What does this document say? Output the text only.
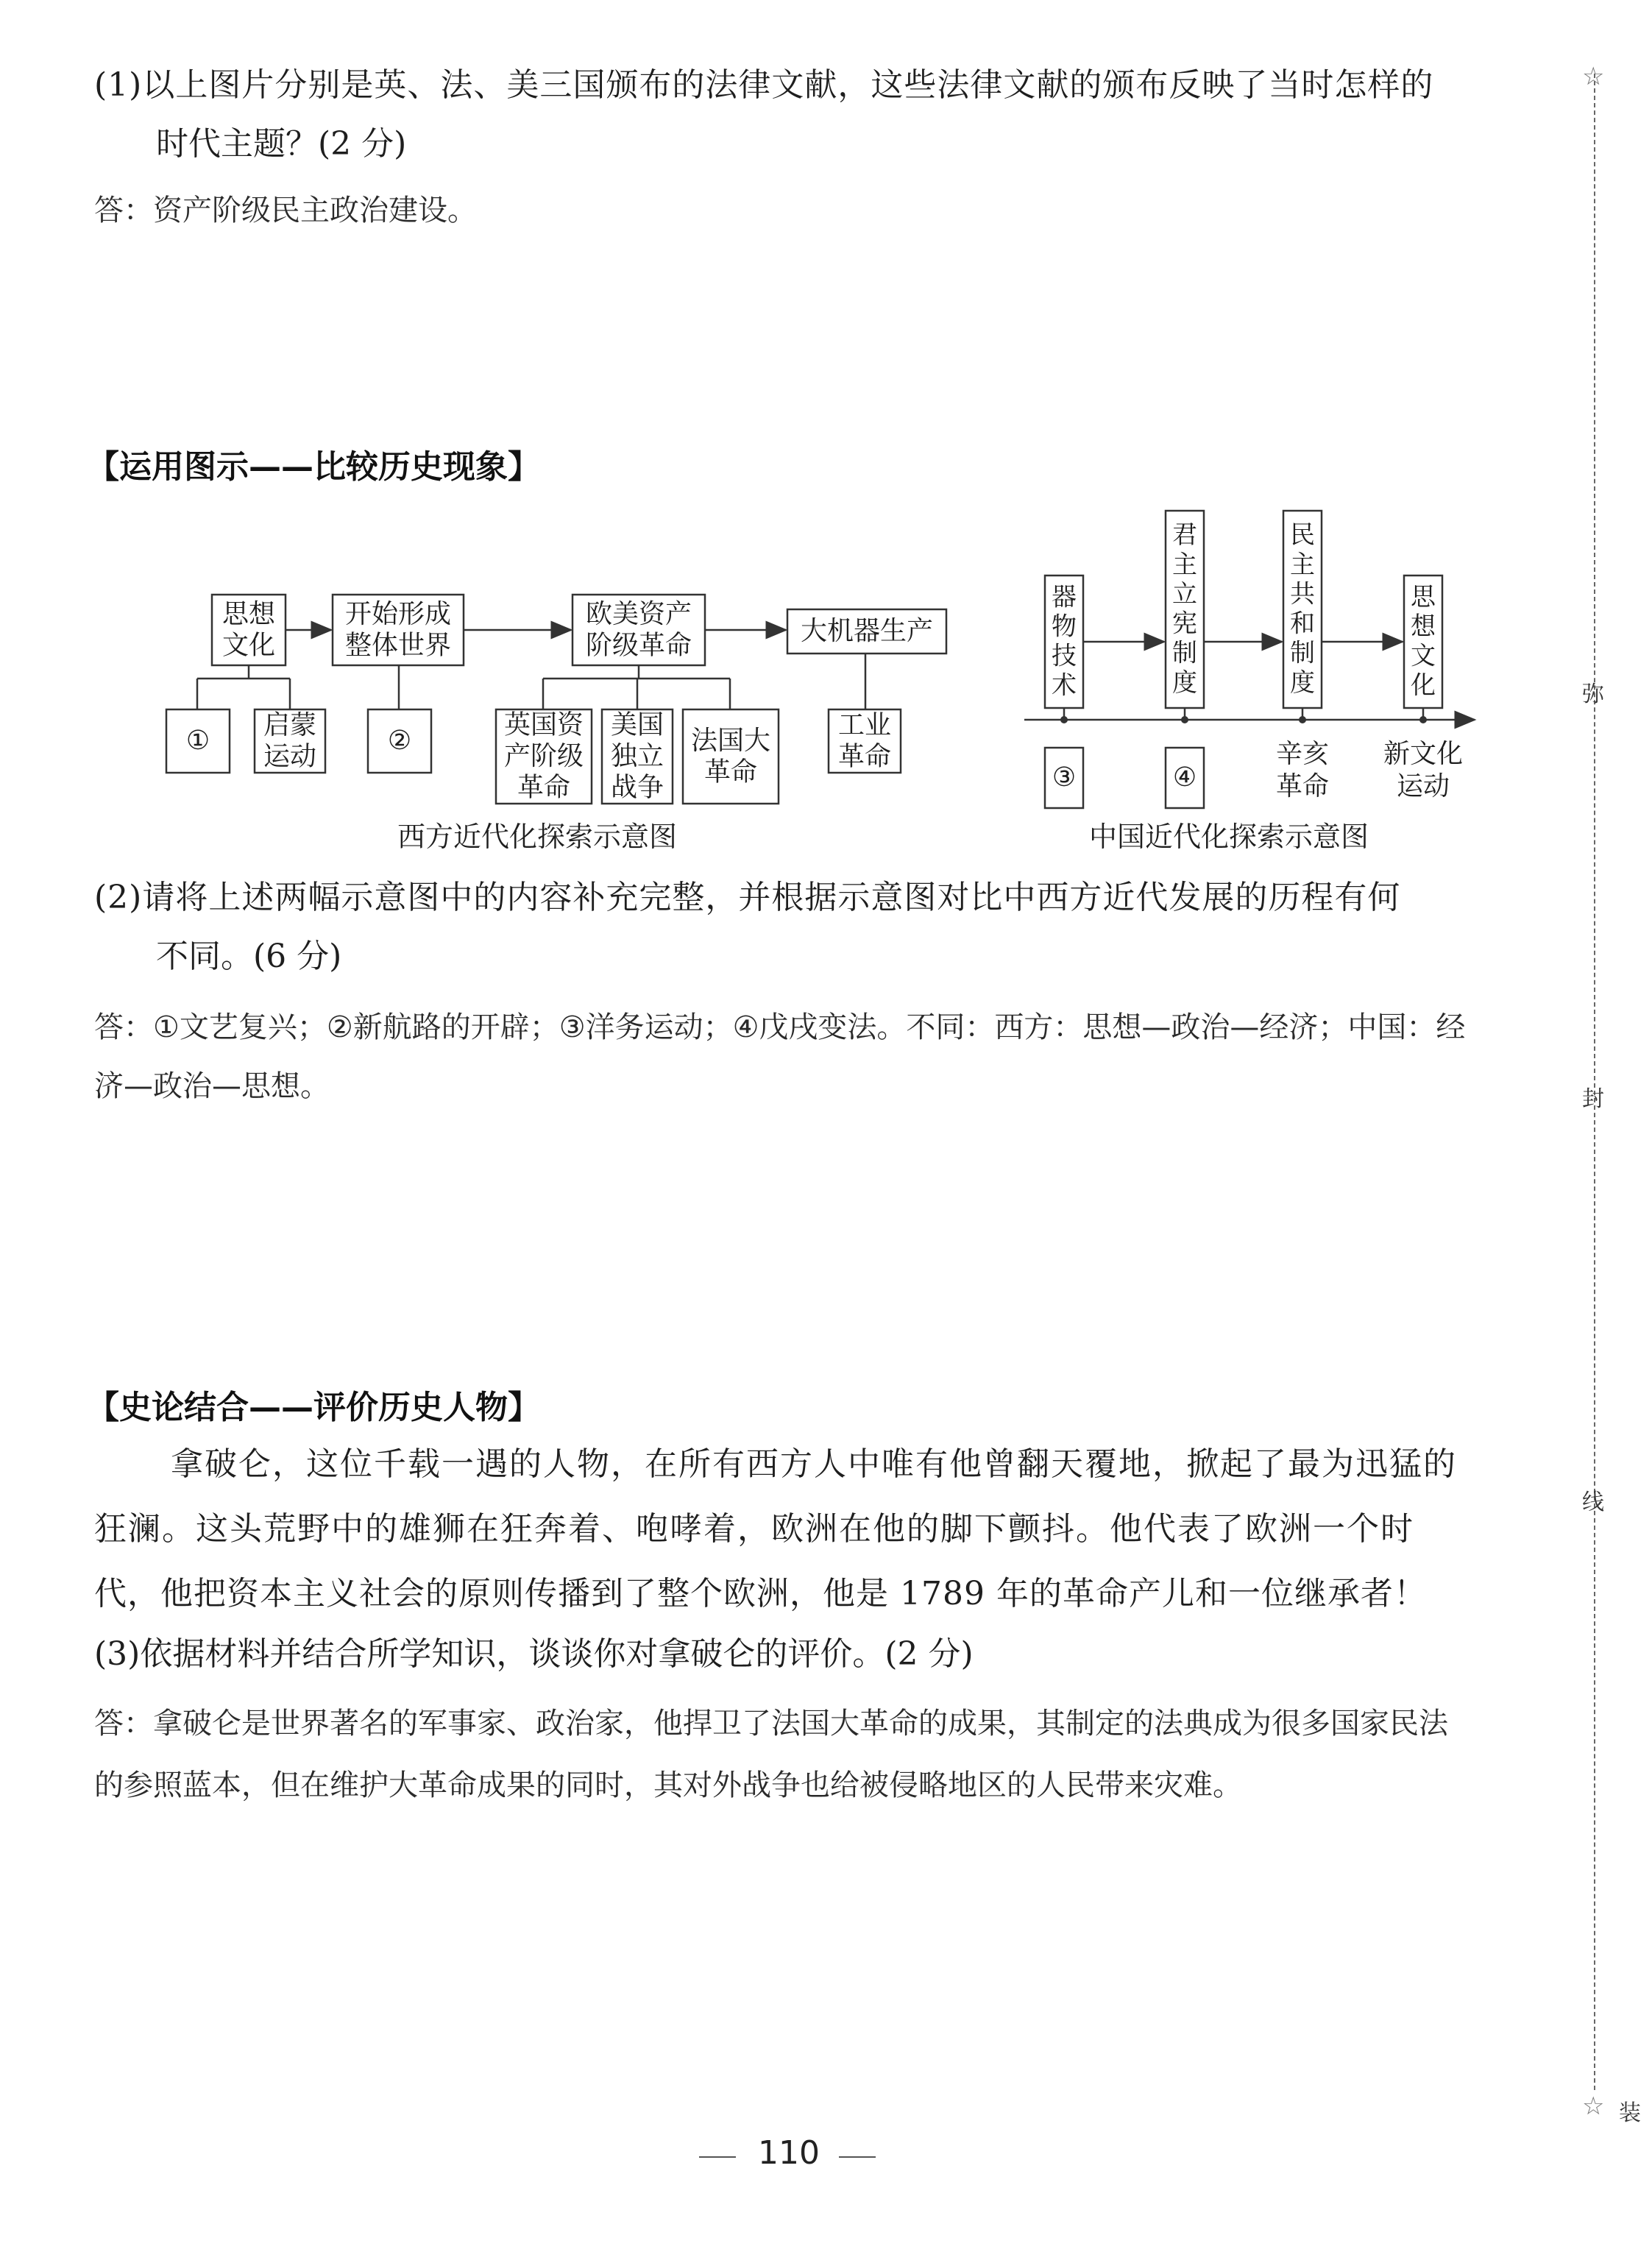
(1)以上图片分别是英、法、美三国颁布的法律文献，这些法律文献的颁布反映了当时怎样的
时代主题？(2 分)
答：资产阶级民主政治建设。
【运用图示——比较历史现象】
思想
文化
开始形成
整体世界
欧美资产
阶级革命	大机器生产
①
启蒙
运动
②
英国资
产阶级
革命
美国
独立
战争
法国大
革命
工业
革命
器
物
技
术
君
主
立
宪
制
度
民
主
共
和
制
度
思
想
文
化
③	④
辛亥
革命
新文化
运动
西方近代化探索示意图	中国近代化探索示意图
(2)请将上述两幅示意图中的内容补充完整，并根据示意图对比中西方近代发展的历程有何
不同。(6 分)
答：①文艺复兴；②新航路的开辟；③洋务运动；④戊戌变法。不同：西方：思想—政治—经济；中国：经
济—政治—思想。
【史论结合——评价历史人物】
拿破仑，这位千载一遇的人物，在所有西方人中唯有他曾翻天覆地，掀起了最为迅猛的
狂澜。这头荒野中的雄狮在狂奔着、咆哮着，欧洲在他的脚下颤抖。他代表了欧洲一个时
代，他把资本主义社会的原则传播到了整个欧洲，他是 1789 年的革命产儿和一位继承者！
(3)依据材料并结合所学知识，谈谈你对拿破仑的评价。(2 分)
答：拿破仑是世界著名的军事家、政治家，他捍卫了法国大革命的成果，其制定的法典成为很多国家民法
的参照蓝本，但在维护大革命成果的同时，其对外战争也给被侵略地区的人民带来灾难。
110
弥
封
线
装
☆
☆
